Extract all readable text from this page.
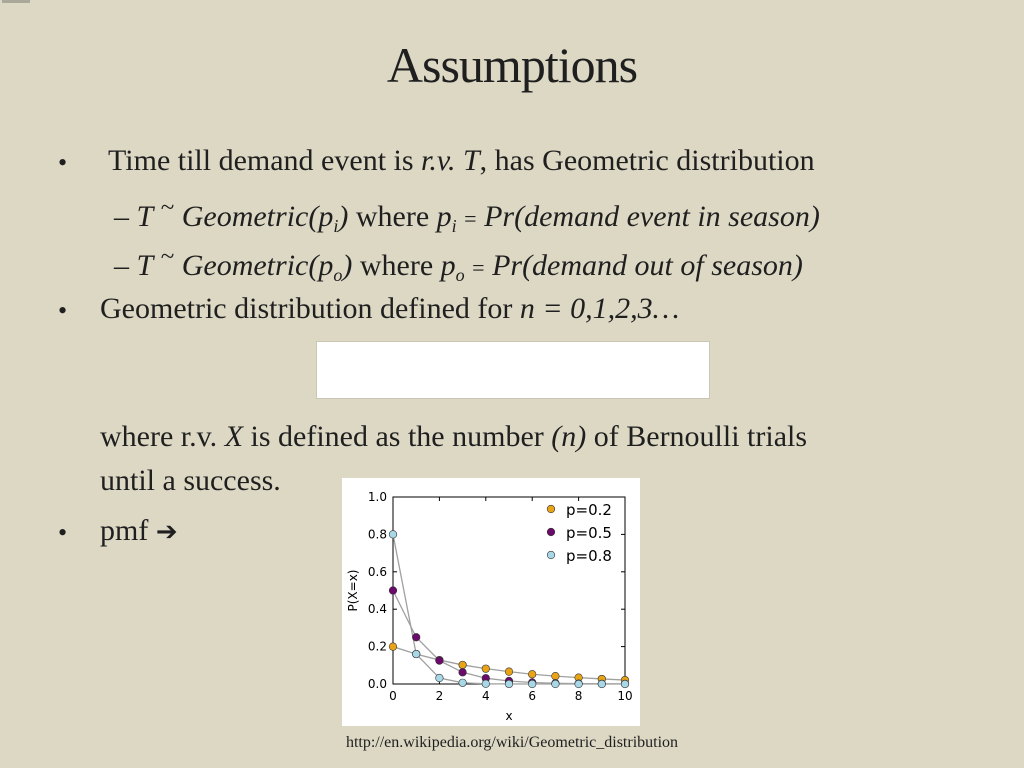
Assumptions
• Time till demand event is r.v. T, has Geometric distribution
– T ~ $Geometric(p_i)$ where $p_i$ = Pr(demand event in season)
– T ~ $Geometric(p_o)$ where $p_o$ = Pr(demand out of season)
• Geometric distribution defined for n = 0,1,2,3…
where r.v. X is defined as the number (n) of Bernoulli trials
until a success.
• pmf ➔
0	2	4	6	8	10
0.0
0.2
0.4
0.6
0.8
1.0
x
P(X=x)
p=0.2
p=0.5
p=0.8
http://en.wikipedia.org/wiki/Geometric_distribution
